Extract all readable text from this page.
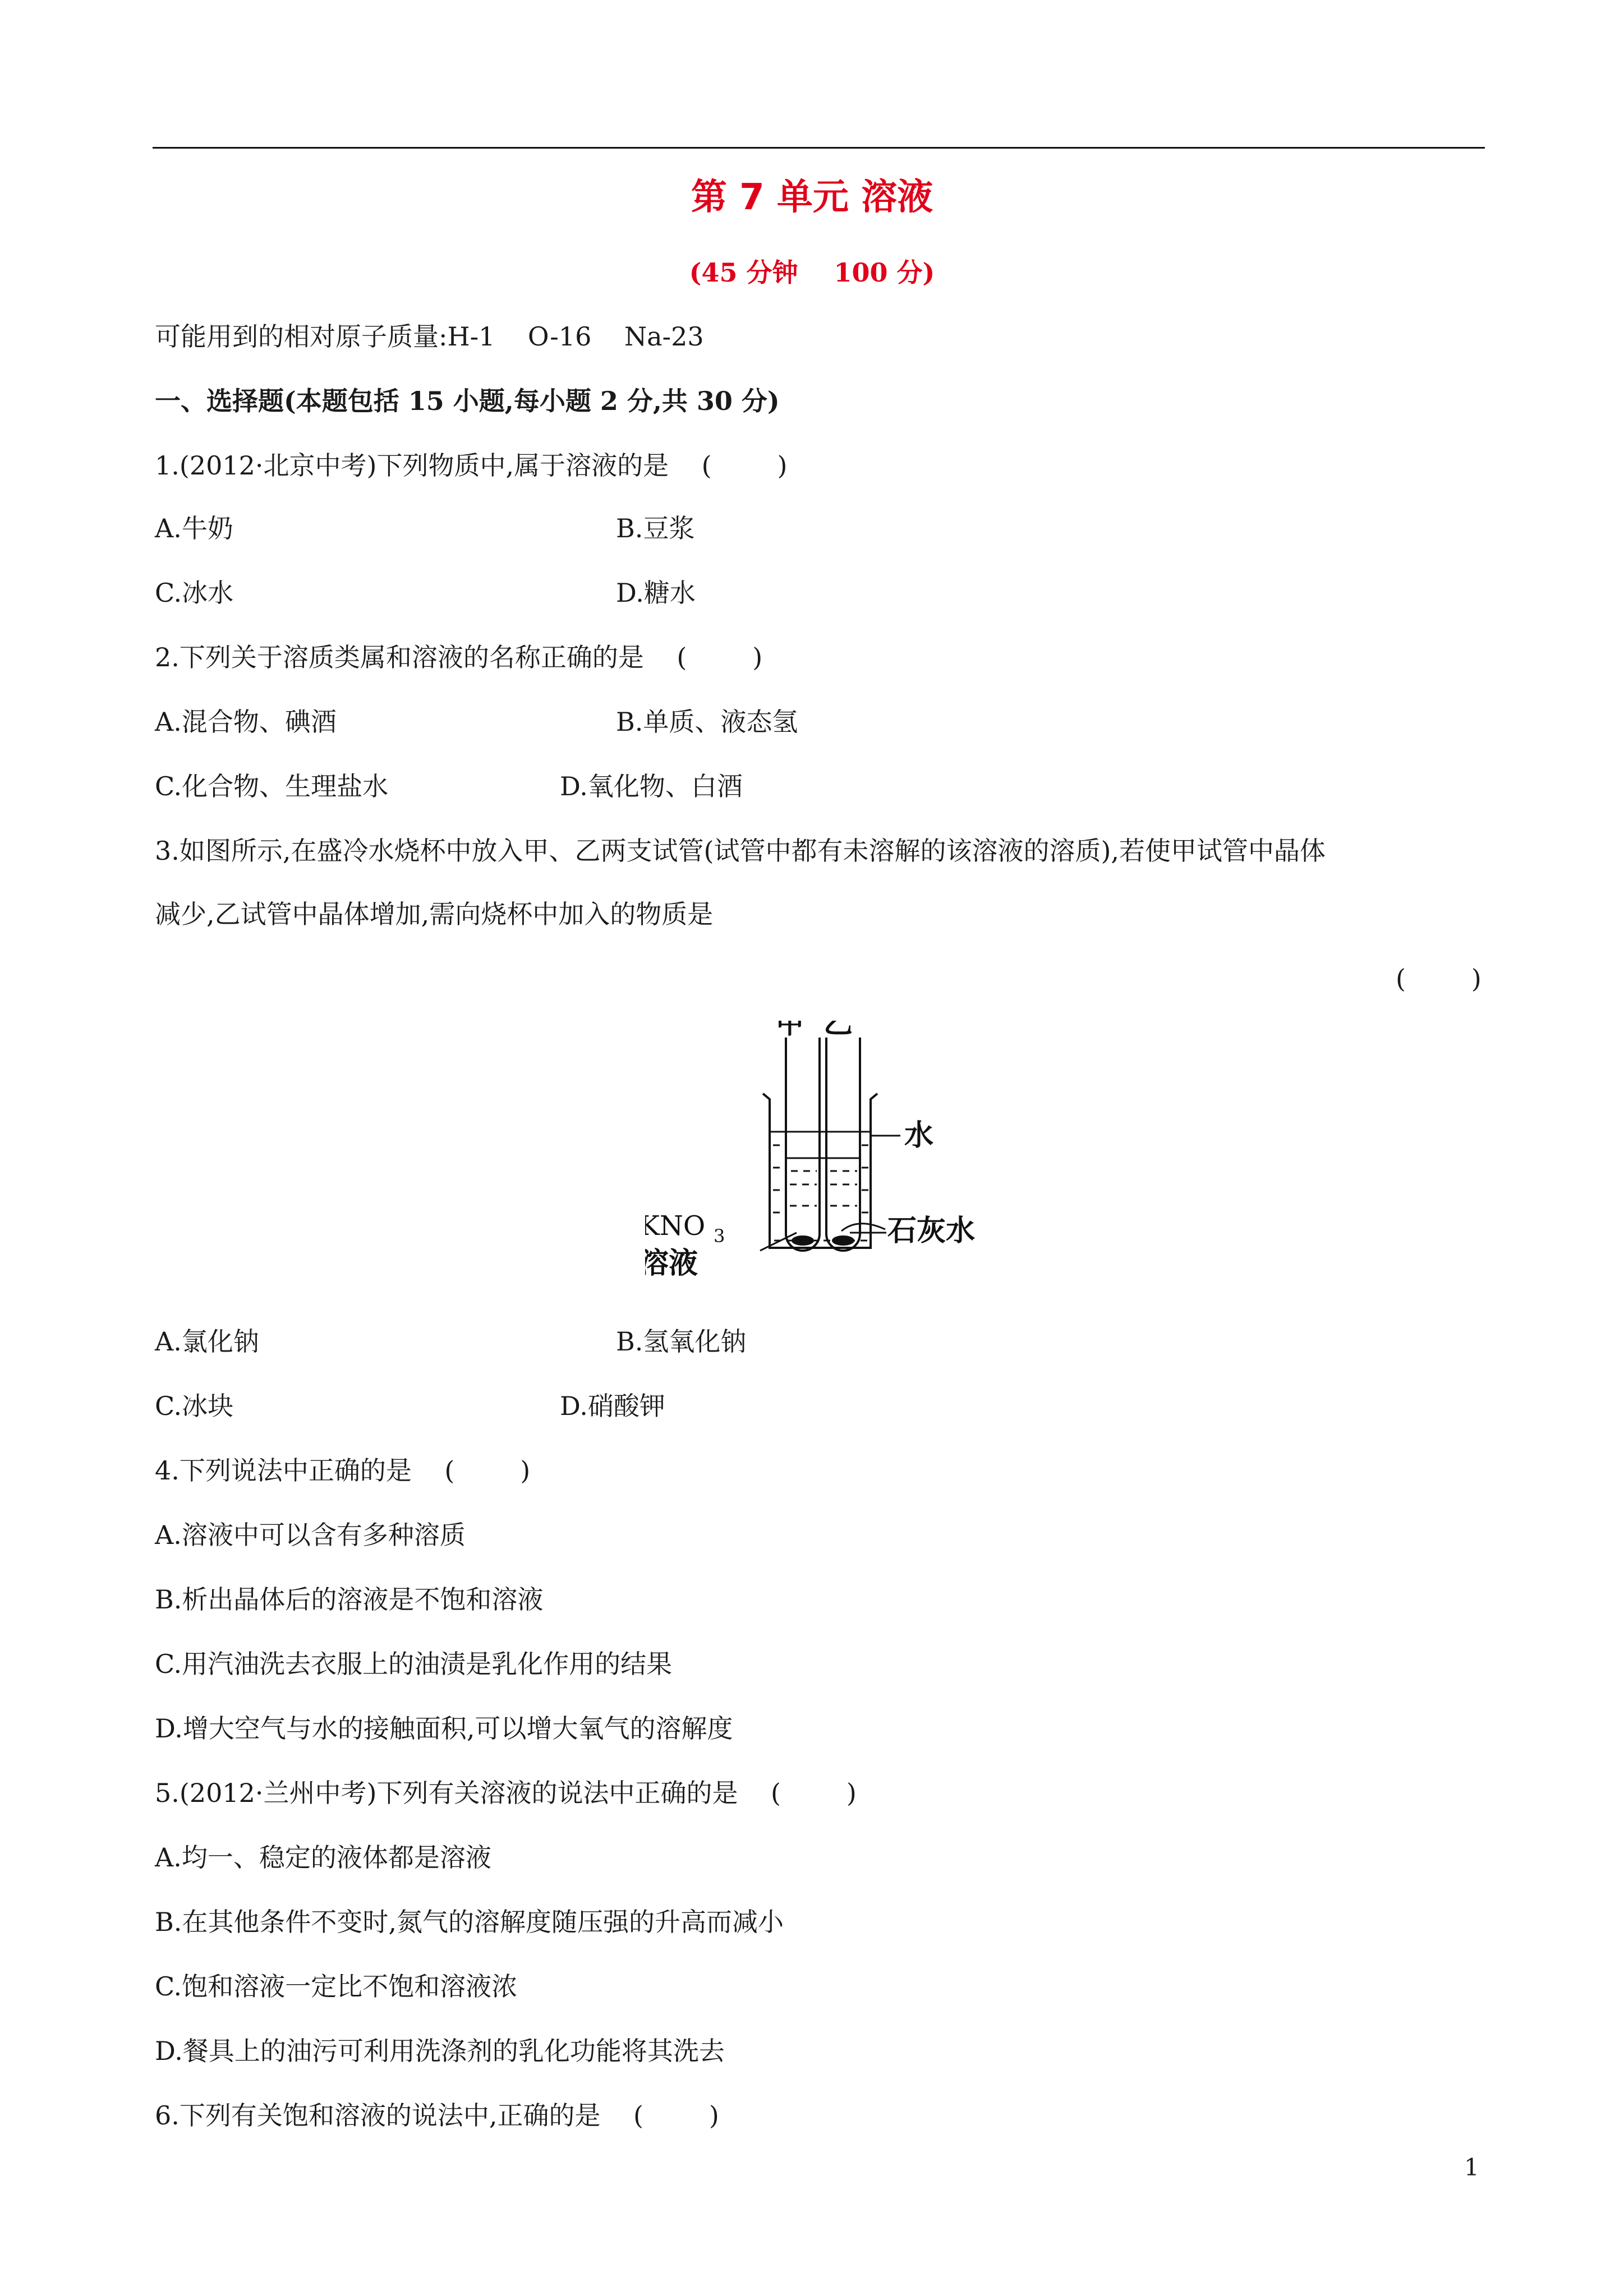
第 7 单元 溶液
(45 分钟    100 分)
可能用到的相对原子质量:H-1    O-16    Na-23
一、选择题(本题包括 15 小题,每小题 2 分,共 30 分)
1.(2012·北京中考)下列物质中,属于溶液的是    (        )
A.牛奶	B.豆浆
C.冰水	D.糖水
2.下列关于溶质类属和溶液的名称正确的是    (        )
A.混合物、碘酒	B.单质、液态氢
C.化合物、生理盐水	D.氧化物、白酒
3.如图所示,在盛冷水烧杯中放入甲、乙两支试管(试管中都有未溶解的该溶液的溶质),若使甲试管中晶体
减少,乙试管中晶体增加,需向烧杯中加入的物质是
(        )
甲 乙
水
KNO 3
溶液
石灰水
A.氯化钠	B.氢氧化钠
C.冰块	D.硝酸钾
4.下列说法中正确的是    (        )
A.溶液中可以含有多种溶质
B.析出晶体后的溶液是不饱和溶液
C.用汽油洗去衣服上的油渍是乳化作用的结果
D.增大空气与水的接触面积,可以增大氧气的溶解度
5.(2012·兰州中考)下列有关溶液的说法中正确的是    (        )
A.均一、稳定的液体都是溶液
B.在其他条件不变时,氮气的溶解度随压强的升高而减小
C.饱和溶液一定比不饱和溶液浓
D.餐具上的油污可利用洗涤剂的乳化功能将其洗去
6.下列有关饱和溶液的说法中,正确的是    (        )
1
